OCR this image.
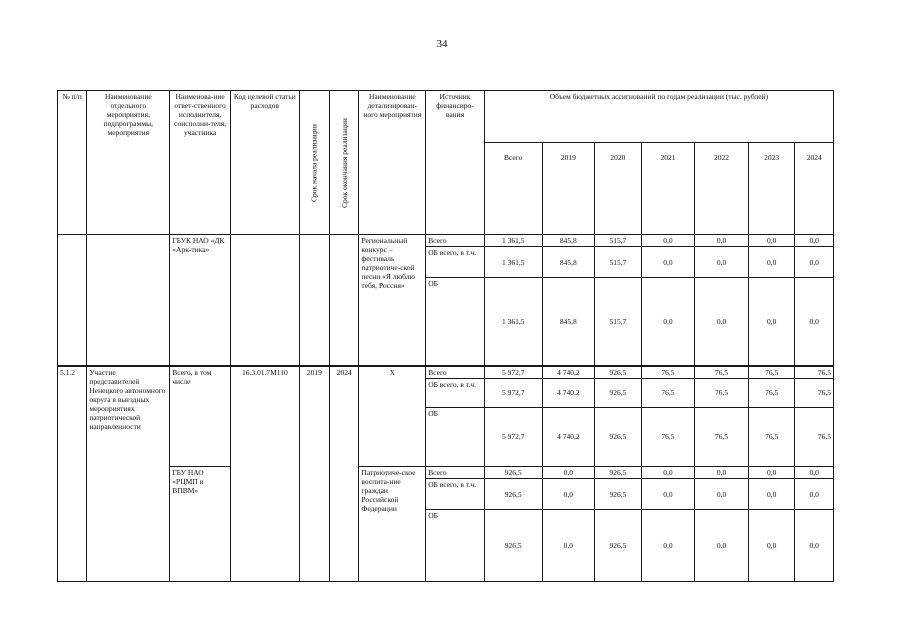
34
№ п/п	Наименование отдельного мероприятия, подпрограммы, мероприятия	Наименова-ние ответ-ственного исполнителя, соисполни-теля, участника	Код целевой статьи расходов	Срок начала реализации	Срок окончания реализации	Наименование детализирован-ного мероприятия	Источник финансиро-вания	Объем бюджетных ассигнований по годам реализации (тыс. рублей)						
								Всего	2019	2020	2021	2022	2023	2024
		ГБУК НАО «ДК «Арк-тика»				Региональный конкурс – фестиваль патриотиче-ской песни «Я люблю тебя, Россия»	Всего	1 361,5	845,8	515,7	0,0	0,0	0,0	0,0
							ОБ всего, в т.ч.	1 361,5	845,8	515,7	0,0	0,0	0,0	0,0
							ОБ	1 361,5	845,8	515,7	0,0	0,0	0,0	0,0
5.1.2	Участие представителей Ненецкого автономного округа в выездных мероприятиях патриотической направленности	Всего, в том числе	16.3.01.7М110	2019	2024	Х	Всего	5 972,7	4 740,2	926,5	76,5	76,5	76,5	76,5
							ОБ всего, в т.ч.	5 972,7	4 740,2	926,5	76,5	76,5	76,5	76,5
							ОБ	5 972,7	4 740,2	926,5	76,5	76,5	76,5	76,5
		ГБУ НАО «РЦМП и ВПВМ»				Патриотиче-ское воспита-ние граждан Российской Федерации	Всего	926,5	0,0	926,5	0,0	0,0	0,0	0,0
							ОБ всего, в т.ч.	926,5	0,0	926,5	0,0	0,0	0,0	0,0
							ОБ	926,5	0,0	926,5	0,0	0,0	0,0	0,0
